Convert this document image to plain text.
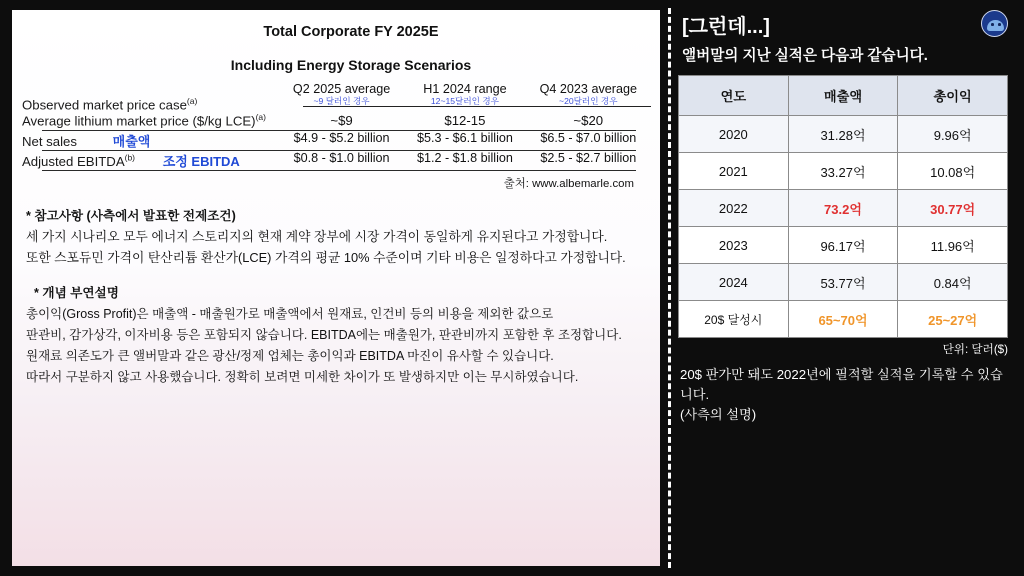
Total Corporate FY 2025E
Including Energy Storage Scenarios
	Q2 2025 average	H1 2024 range	Q4 2023 average
Observed market price case$^{(a)}$	~9 달러인 경우	12~15달러인 경우	~20달러인 경우

Average lithium market price ($/kg LCE)$^{(a)}$	~$9	$12-15	~$20

Net sales 매출액	$4.9 - $5.2 billion	$5.3 - $6.1 billion	$6.5 - $7.0 billion

Adjusted EBITDA$^{(b)}$ 조정 EBITDA	$0.8 - $1.0 billion	$1.2 - $1.8 billion	$2.5 - $2.7 billion

출처: www.albemarle.com
* 참고사항 (사측에서 발표한 전제조건)

세 가지 시나리오 모두 에너지 스토리지의 현재 계약 장부에 시장 가격이 동일하게 유지된다고 가정합니다.

또한 스포듀민 가격이 탄산리튬 환산가(LCE) 가격의 평균 10% 수준이며 기타 비용은 일정하다고 가정합니다.

* 개념 부연설명

총이익(Gross Profit)은 매출액 - 매출원가로 매출액에서 원재료, 인건비 등의 비용을 제외한 값으로

판관비, 감가상각, 이자비용 등은 포함되지 않습니다. EBITDA에는 매출원가, 판관비까지 포함한 후 조정합니다.

원재료 의존도가 큰 앨버말과 같은 광산/정제 업체는 총이익과 EBITDA 마진이 유사할 수 있습니다.

따라서 구분하지 않고 사용했습니다. 정확히 보려면 미세한 차이가 또 발생하지만 이는 무시하였습니다.

[그런데...]
앨버말의 지난 실적은 다음과 같습니다.
연도	매출액	총이익
2020	31.28억	9.96억
2021	33.27억	10.08억
2022	73.2억	30.77억
2023	96.17억	11.96억
2024	53.77억	0.84억
20$ 달성시	65~70억	25~27억
단위: 달러($)
20$ 판가만 돼도 2022년에 필적할 실적을 기록할 수 있습니다.
(사측의 설명)
